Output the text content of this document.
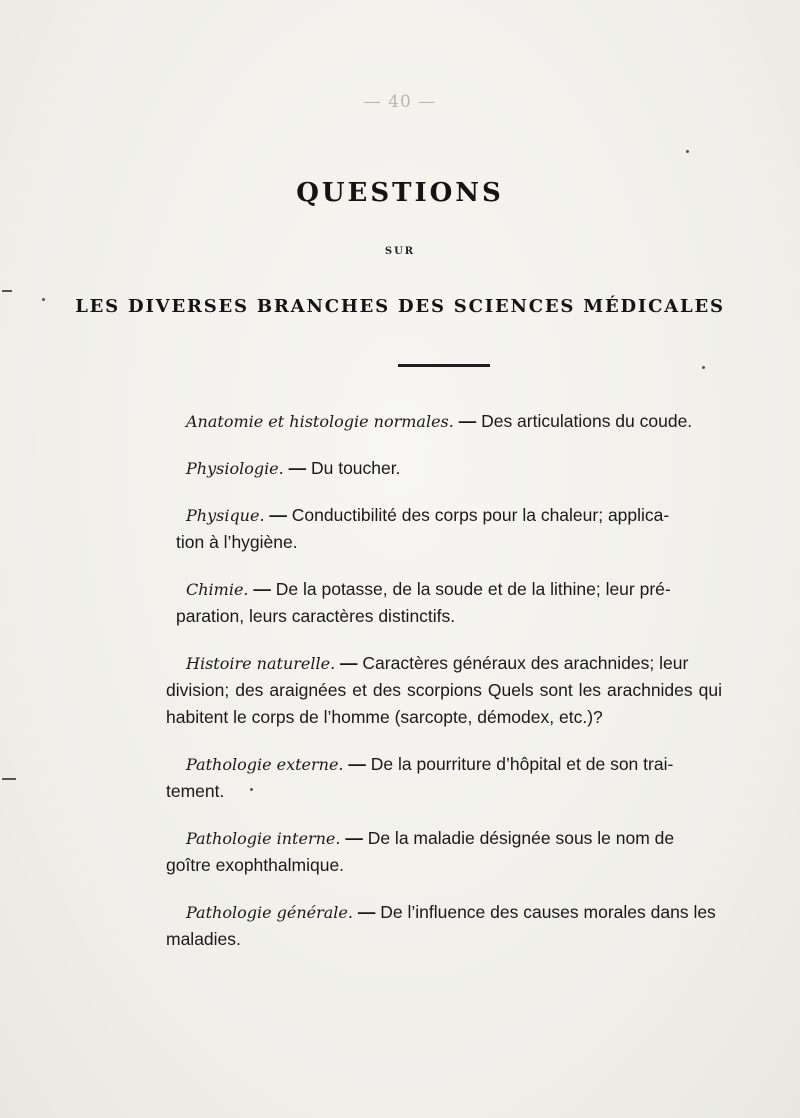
— 40 —
QUESTIONS
SUR
LES DIVERSES BRANCHES DES SCIENCES MÉDICALES
Anatomie et histologie normales. — Des articulations du coude.
Physiologie. — Du toucher.
Physique. — Conductibilité des corps pour la chaleur; applica-
tion à l’hygiène.
Chimie. — De la potasse, de la soude et de la lithine; leur pré-
paration, leurs caractères distinctifs.
Histoire naturelle. — Caractères généraux des arachnides; leur
division; des araignées et des scorpions Quels sont les arachnides qui habitent le corps de l’homme (sarcopte, démodex, etc.)?
Pathologie externe. — De la pourriture d’hôpital et de son trai-
tement.
Pathologie interne. — De la maladie désignée sous le nom de
goître exophthalmique.
Pathologie générale. — De l’influence des causes morales dans les
maladies.
